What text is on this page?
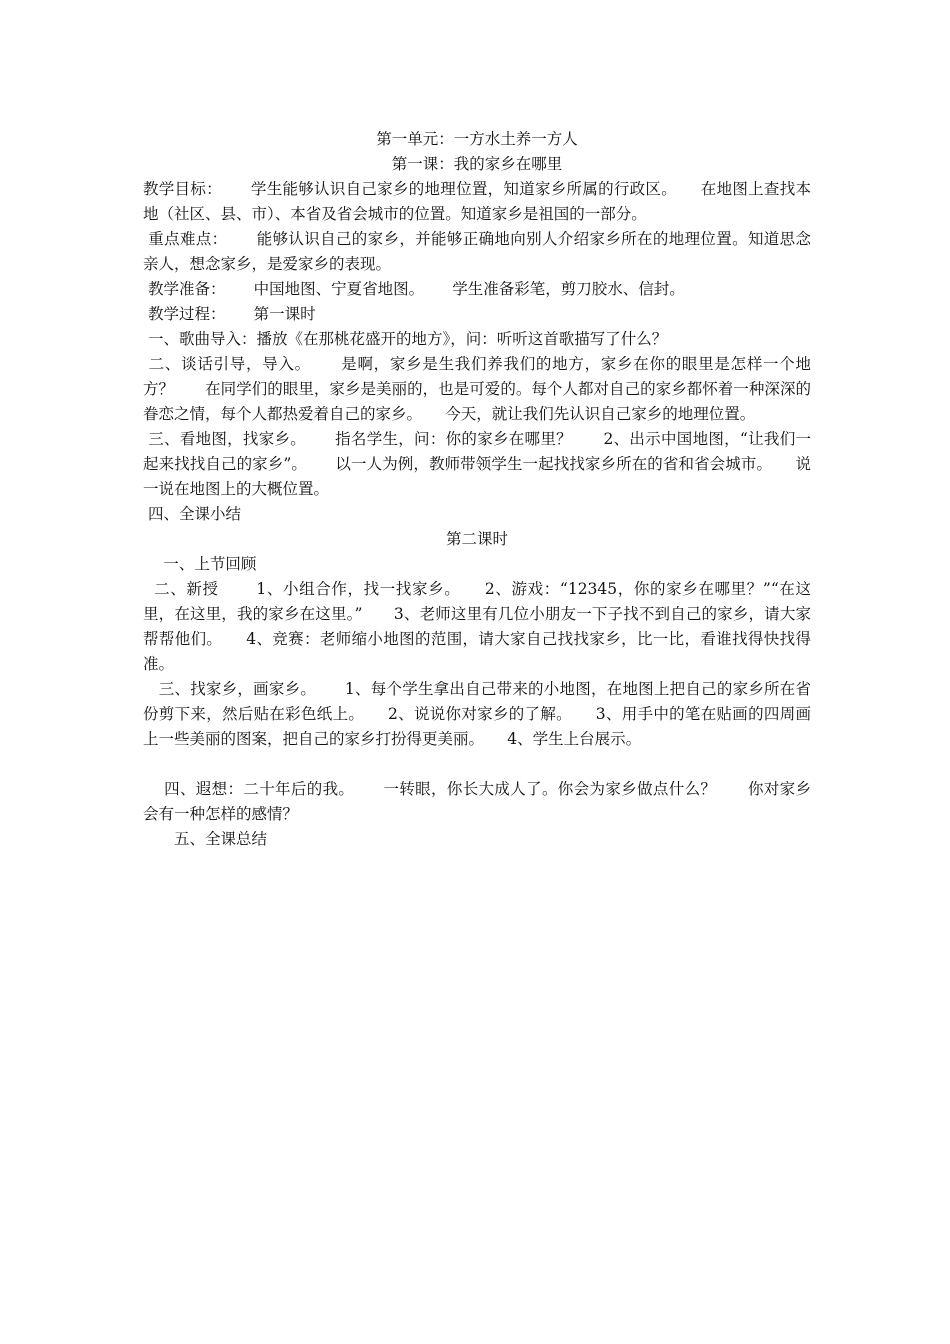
第一单元：一方水土养一方人
第一课：我的家乡在哪里

教学目标：　　 学生能够认识自己家乡的地理位置，知道家乡所属的行政区。　　在地图上查找本地（社区、县、市）、本省及省会城市的位置。知道家乡是祖国的一部分。

重点难点：　　 能够认识自己的家乡，并能够正确地向别人介绍家乡所在的地理位置。知道思念亲人，想念家乡，是爱家乡的表现。

教学准备：　　 中国地图、宁夏省地图。　　 学生准备彩笔，剪刀胶水、信封。

教学过程：　　 第一课时

一、歌曲导入：播放《在那桃花盛开的地方》，问：听听这首歌描写了什么？

二、谈话引导，导入。　　 是啊，家乡是生我们养我们的地方，家乡在你的眼里是怎样一个地方？　　在同学们的眼里，家乡是美丽的，也是可爱的。每个人都对自己的家乡都怀着一种深深的眷恋之情，每个人都热爱着自己的家乡。　　今天，就让我们先认识自己家乡的地理位置。

三、看地图，找家乡。　　 指名学生，问：你的家乡在哪里？　　2、出示中国地图，“让我们一起来找找自己的家乡”。　　 以一人为例，教师带领学生一起找找家乡所在的省和省会城市。　　说一说在地图上的大概位置。

四、全课小结

第二课时

　 一、上节回顾

二、新授　　 1、小组合作，找一找家乡。　　2、游戏：“12345，你的家乡在哪里？”“在这里，在这里，我的家乡在这里。”　　3、老师这里有几位小朋友一下子找不到自己的家乡，请大家帮帮他们。　　4、竞赛：老师缩小地图的范围，请大家自己找找家乡，比一比，看谁找得快找得准。

　三、找家乡，画家乡。　　 1、每个学生拿出自己带来的小地图，在地图上把自己的家乡所在省份剪下来，然后贴在彩色纸上。　　2、说说你对家乡的了解。　　3、用手中的笔在贴画的四周画上一些美丽的图案，把自己的家乡打扮得更美丽。　　4、学生上台展示。

　 四、遐想：二十年后的我。　　 一转眼，你长大成人了。你会为家乡做点什么？　　你对家乡会有一种怎样的感情？

　　五、全课总结
